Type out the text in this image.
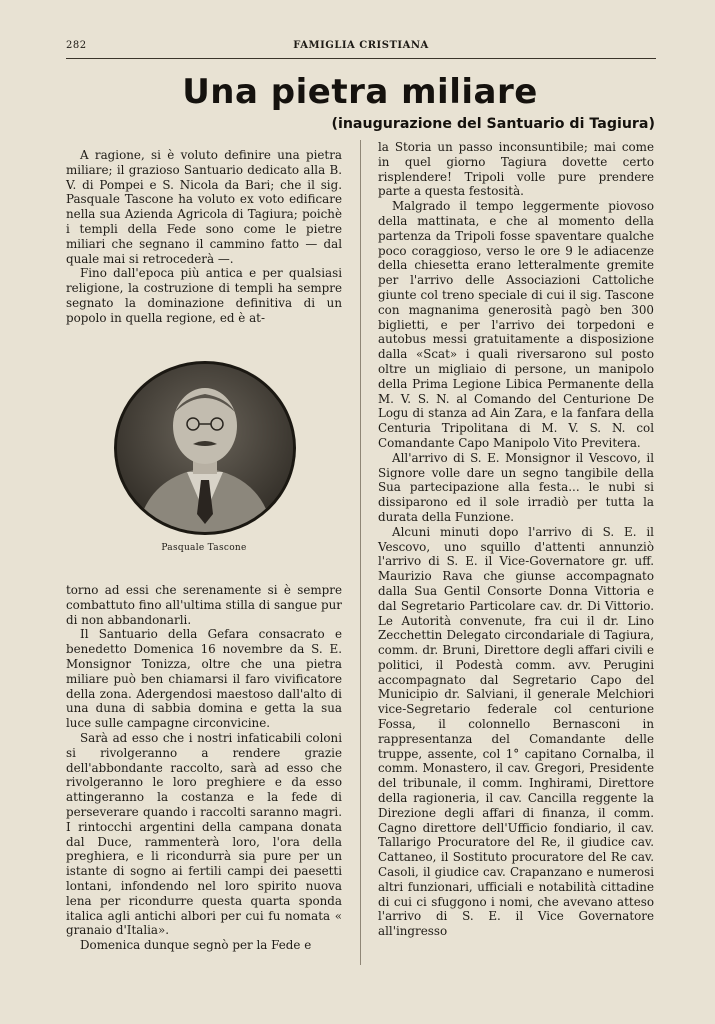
282	FAMIGLIA CRISTIANA
Una pietra miliare
(inaugurazione del Santuario di Tagiura)

A ragione, si è voluto definire una pietra miliare; il grazioso Santuario dedicato alla B. V. di Pompei e S. Nicola da Bari; che il sig. Pasquale Tascone ha voluto ex voto edificare nella sua Azienda Agricola di Tagiura; poichè i templi della Fede sono come le pietre miliari che segnano il cammino fatto — dal quale mai si retrocederà —.

Fino dall'epoca più antica e per qualsiasi religione, la costruzione di templi ha sempre segnato la dominazione definitiva di un popolo in quella regione, ed è at-

Pasquale Tascone

torno ad essi che serenamente si è sempre combattuto fino all'ultima stilla di sangue pur di non abbandonarli.

Il Santuario della Gefara consacrato e benedetto Domenica 16 novembre da S. E. Monsignor Tonizza, oltre che una pietra miliare può ben chiamarsi il faro vivificatore della zona. Adergendosi maestoso dall'alto di una duna di sabbia domina e getta la sua luce sulle campagne circonvicine.

Sarà ad esso che i nostri infaticabili coloni si rivolgeranno a rendere grazie dell'abbondante raccolto, sarà ad esso che rivolgeranno le loro preghiere e da esso attingeranno la costanza e la fede di perseverare quando i raccolti saranno magri. I rintocchi argentini della campana donata dal Duce, rammenterà loro, l'ora della preghiera, e li ricondurrà sia pure per un istante di sogno ai fertili campi dei paesetti lontani, infondendo nel loro spirito nuova lena per ricondurre questa quarta sponda italica agli antichi albori per cui fu nomata « granaio d'Italia».

Domenica dunque segnò per la Fede e

la Storia un passo inconsuntibile; mai come in quel giorno Tagiura dovette certo risplendere! Tripoli volle pure prendere parte a questa festosità.

Malgrado il tempo leggermente piovoso della mattinata, e che al momento della partenza da Tripoli fosse spaventare qualche poco coraggioso, verso le ore 9 le adiacenze della chiesetta erano letteralmente gremite per l'arrivo delle Associazioni Cattoliche giunte col treno speciale di cui il sig. Tascone con magnanima generosità pagò ben 300 biglietti, e per l'arrivo dei torpedoni e autobus messi gratuitamente a disposizione dalla «Scat» i quali riversarono sul posto oltre un migliaio di persone, un manipolo della Prima Legione Libica Permanente della M. V. S. N. al Comando del Centurione De Logu di stanza ad Ain Zara, e la fanfara della Centuria Tripolitana di M. V. S. N. col Comandante Capo Manipolo Vito Previtera.

All'arrivo di S. E. Monsignor il Vescovo, il Signore volle dare un segno tangibile della Sua partecipazione alla festa... le nubi si dissiparono ed il sole irradiò per tutta la durata della Funzione.

Alcuni minuti dopo l'arrivo di S. E. il Vescovo, uno squillo d'attenti annunziò l'arrivo di S. E. il Vice-Governatore gr. uff. Maurizio Rava che giunse accompagnato dalla Sua Gentil Consorte Donna Vittoria e dal Segretario Particolare cav. dr. Di Vittorio. Le Autorità convenute, fra cui il dr. Lino Zecchettin Delegato circondariale di Tagiura, comm. dr. Bruni, Direttore degli affari civili e politici, il Podestà comm. avv. Perugini accompagnato dal Segretario Capo del Municipio dr. Salviani, il generale Melchiori vice-Segretario federale col centurione Fossa, il colonnello Bernasconi in rappresentanza del Comandante delle truppe, assente, col 1° capitano Cornalba, il comm. Monasterо, il cav. Gregori, Presidente del tribunale, il comm. Inghirami, Direttore della ragioneria, il cav. Cancilla reggente la Direzione degli affari di finanza, il comm. Cagno direttore dell'Ufficio fondiario, il cav. Tallarigo Procuratore del Re, il giudice cav. Cattaneo, il Sostituto procuratore del Re cav. Casoli, il giudice cav. Crapanzano e numerosi altri funzionari, ufficiali e notabilità cittadine di cui ci sfuggono i nomi, che avevano atteso l'arrivo di S. E. il Vice Governatore all'ingresso
